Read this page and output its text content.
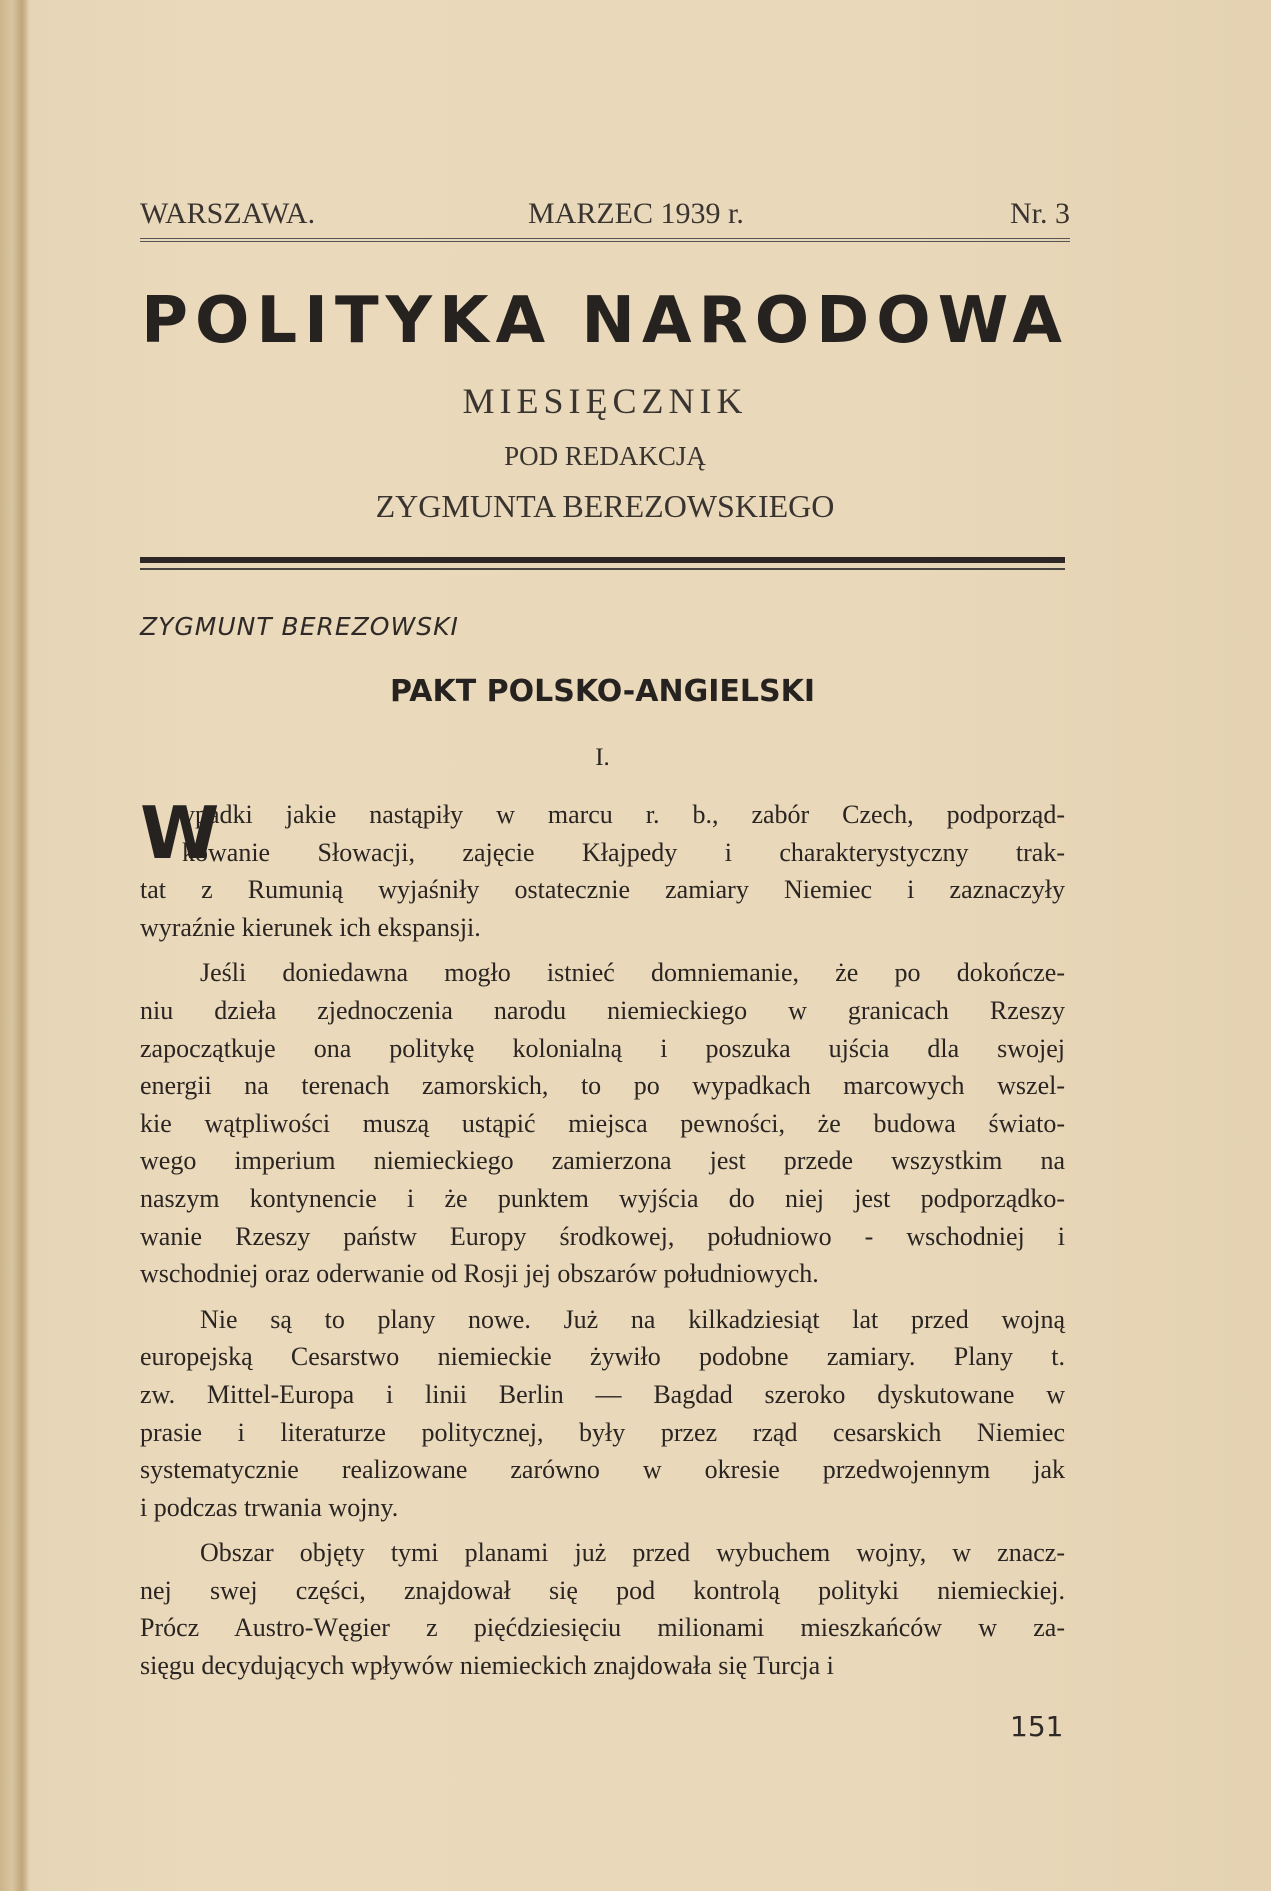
WARSZAWA.	MARZEC 1939 r.	Nr. 3
POLITYKA NARODOWA
MIESIĘCZNIK
POD REDAKCJĄ
ZYGMUNTA BEREZOWSKIEGO
ZYGMUNT BEREZOWSKI
PAKT POLSKO-ANGIELSKI
I.
W
ypadki jakie nastąpiły w marcu r. b., zabór Czech, podporząd-
kowanie Słowacji, zajęcie Kłajpedy i charakterystyczny trak-
tat z Rumunią wyjaśniły ostatecznie zamiary Niemiec i zaznaczyły
wyraźnie kierunek ich ekspansji.
Jeśli doniedawna mogło istnieć domniemanie, że po dokończe-
niu dzieła zjednoczenia narodu niemieckiego w granicach Rzeszy
zapoczątkuje ona politykę kolonialną i poszuka ujścia dla swojej
energii na terenach zamorskich, to po wypadkach marcowych wszel-
kie wątpliwości muszą ustąpić miejsca pewności, że budowa świato-
wego imperium niemieckiego zamierzona jest przede wszystkim na
naszym kontynencie i że punktem wyjścia do niej jest podporządko-
wanie Rzeszy państw Europy środkowej, południowo - wschodniej i
wschodniej oraz oderwanie od Rosji jej obszarów południowych.
Nie są to plany nowe. Już na kilkadziesiąt lat przed wojną
europejską Cesarstwo niemieckie żywiło podobne zamiary. Plany t.
zw. Mittel-Europa i linii Berlin — Bagdad szeroko dyskutowane w
prasie i literaturze politycznej, były przez rząd cesarskich Niemiec
systematycznie realizowane zarówno w okresie przedwojennym jak
i podczas trwania wojny.
Obszar objęty tymi planami już przed wybuchem wojny, w znacz-
nej swej części, znajdował się pod kontrolą polityki niemieckiej.
Prócz Austro-Węgier z pięćdziesięciu milionami mieszkańców w za-
sięgu decydujących wpływów niemieckich znajdowała się Turcja i
151
